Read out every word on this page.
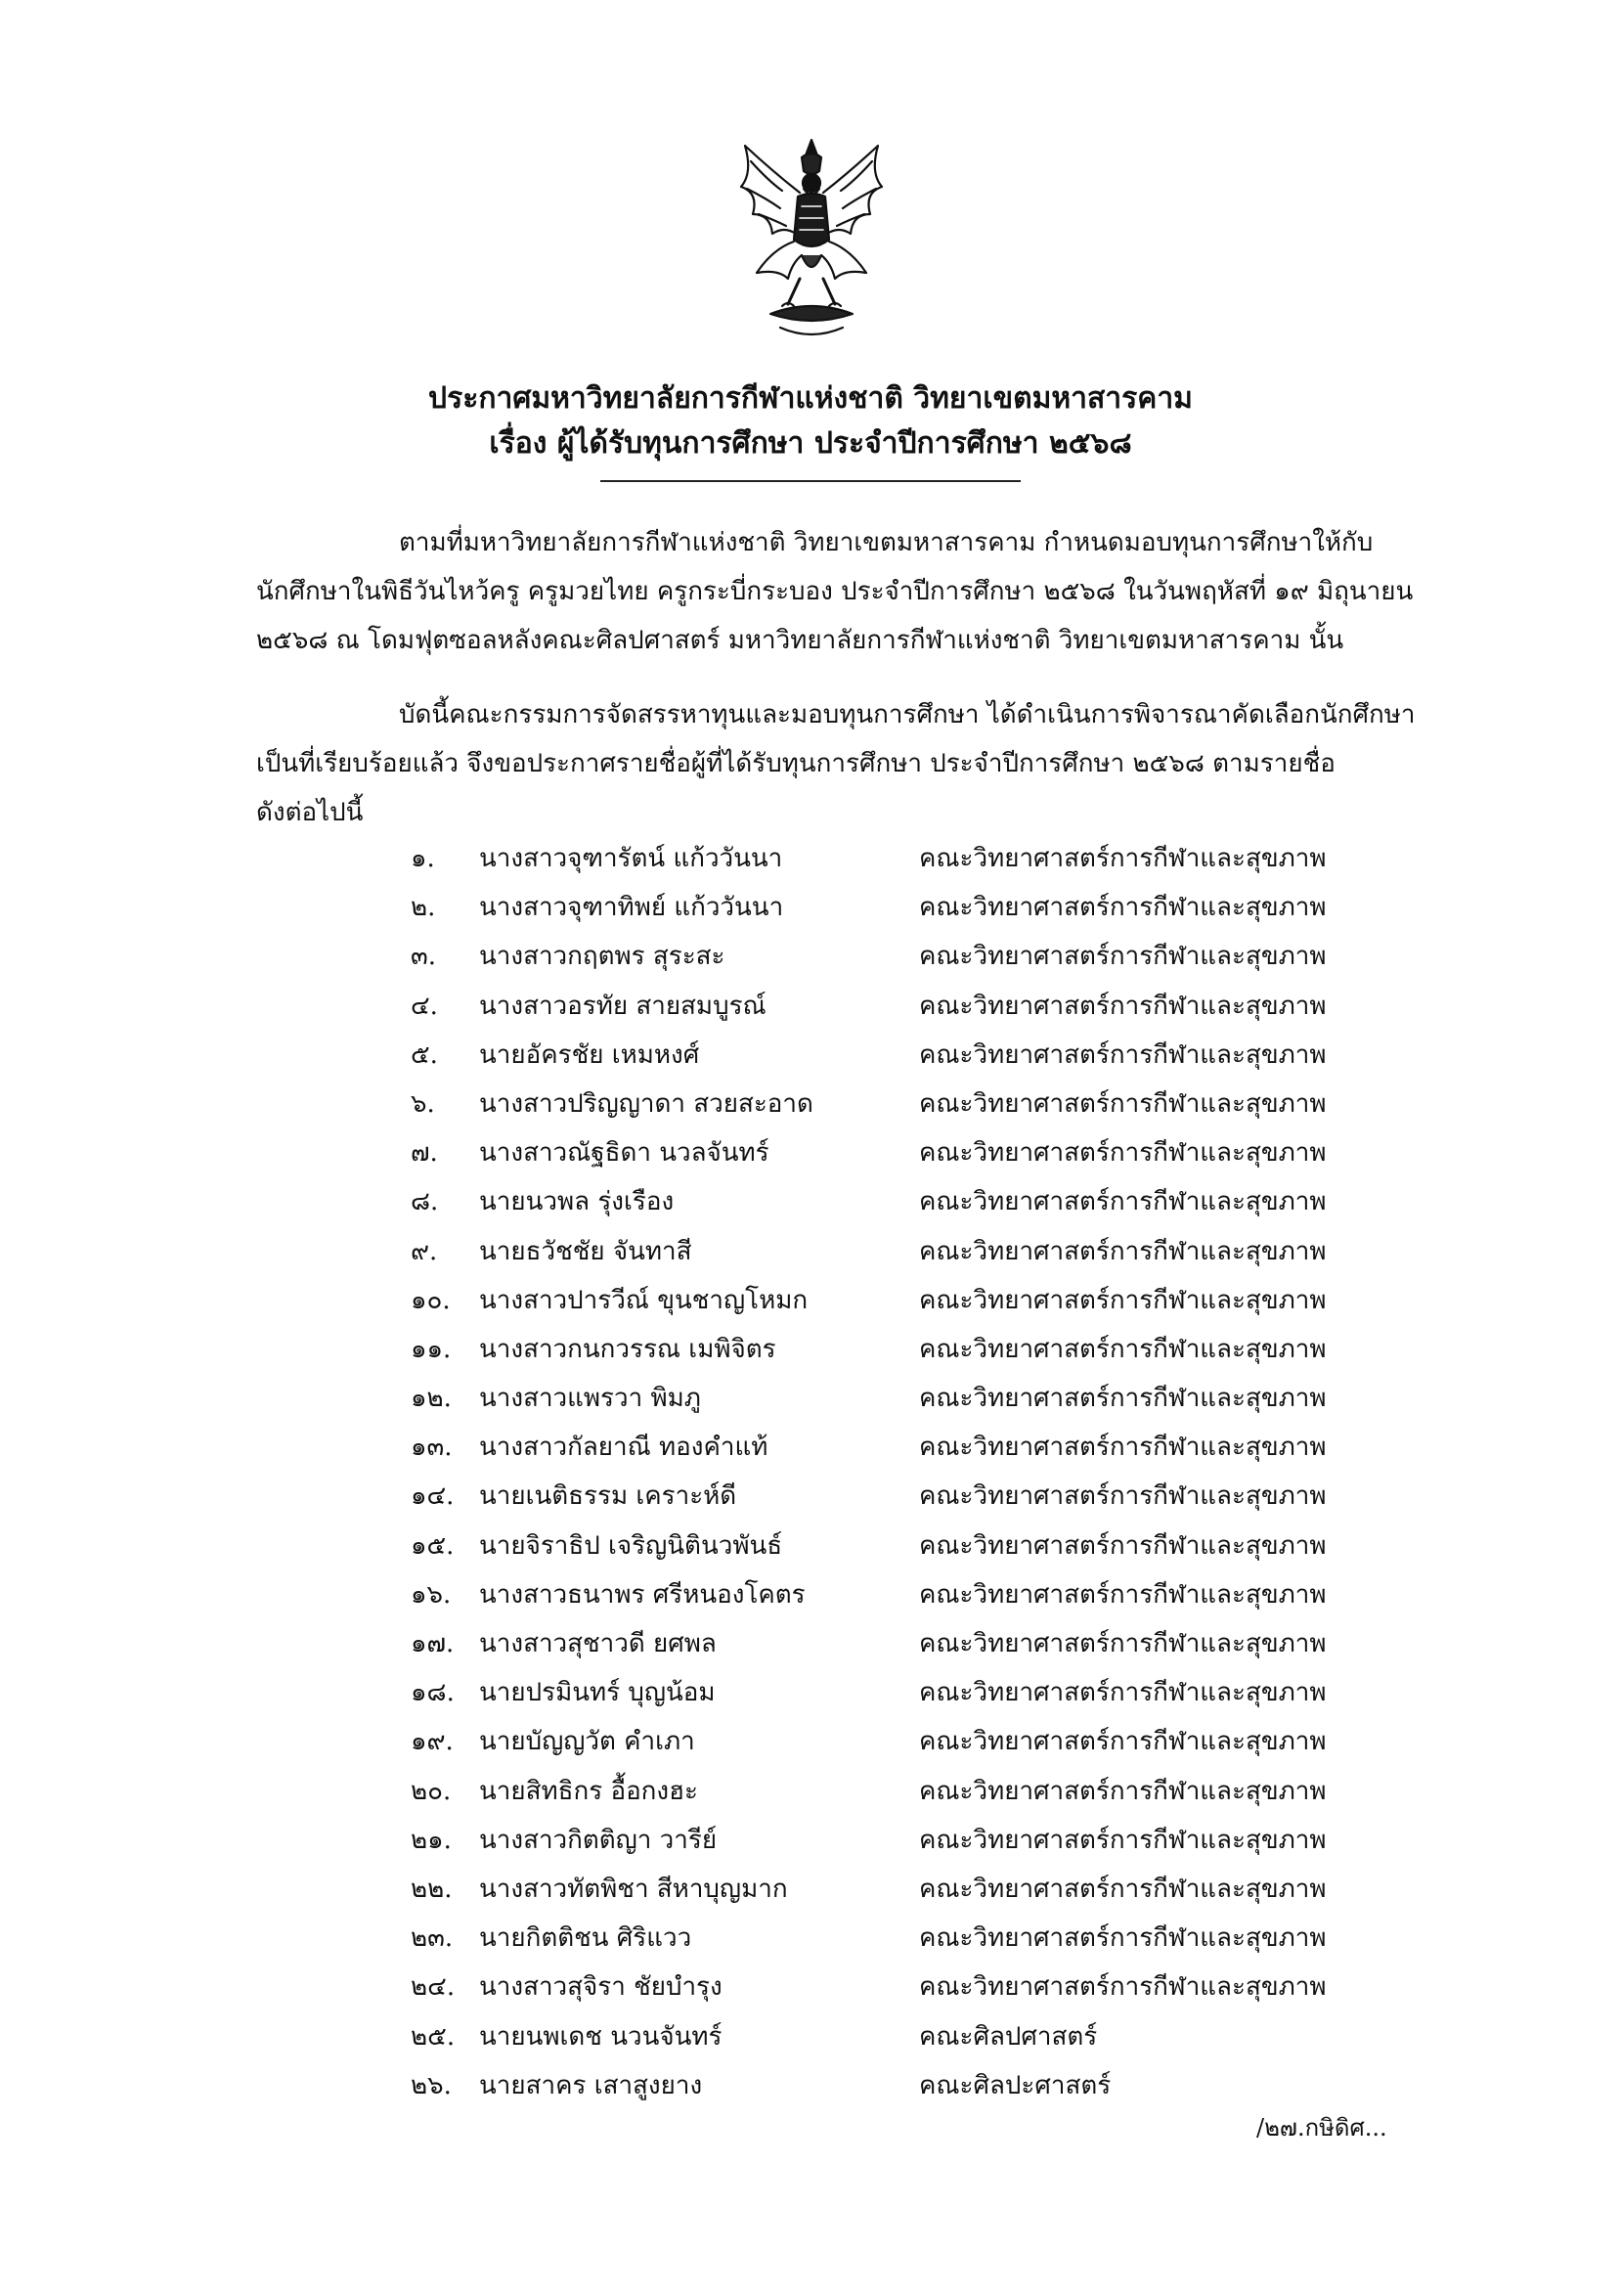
ประกาศมหาวิทยาลัยการกีฬาแห่งชาติ วิทยาเขตมหาสารคาม
เรื่อง ผู้ได้รับทุนการศึกษา ประจำปีการศึกษา ๒๕๖๘
ตามที่มหาวิทยาลัยการกีฬาแห่งชาติ วิทยาเขตมหาสารคาม กำหนดมอบทุนการศึกษาให้กับ
นักศึกษาในพิธีวันไหว้ครู ครูมวยไทย ครูกระบี่กระบอง ประจำปีการศึกษา ๒๕๖๘ ในวันพฤหัสที่ ๑๙ มิถุนายน
๒๕๖๘ ณ โดมฟุตซอลหลังคณะศิลปศาสตร์ มหาวิทยาลัยการกีฬาแห่งชาติ วิทยาเขตมหาสารคาม นั้น
บัดนี้คณะกรรมการจัดสรรหาทุนและมอบทุนการศึกษา ได้ดำเนินการพิจารณาคัดเลือกนักศึกษา
เป็นที่เรียบร้อยแล้ว จึงขอประกาศรายชื่อผู้ที่ได้รับทุนการศึกษา ประจำปีการศึกษา ๒๕๖๘ ตามรายชื่อ
ดังต่อไปนี้
๑.	นางสาวจุฑารัตน์ แก้ววันนา	คณะวิทยาศาสตร์การกีฬาและสุขภาพ
๒.	นางสาวจุฑาทิพย์ แก้ววันนา	คณะวิทยาศาสตร์การกีฬาและสุขภาพ
๓.	นางสาวกฤตพร สุระสะ	คณะวิทยาศาสตร์การกีฬาและสุขภาพ
๔.	นางสาวอรทัย สายสมบูรณ์	คณะวิทยาศาสตร์การกีฬาและสุขภาพ
๕.	นายอัครชัย เหมหงศ์	คณะวิทยาศาสตร์การกีฬาและสุขภาพ
๖.	นางสาวปริญญาดา สวยสะอาด	คณะวิทยาศาสตร์การกีฬาและสุขภาพ
๗.	นางสาวณัฐธิดา นวลจันทร์	คณะวิทยาศาสตร์การกีฬาและสุขภาพ
๘.	นายนวพล รุ่งเรือง	คณะวิทยาศาสตร์การกีฬาและสุขภาพ
๙.	นายธวัชชัย จันทาสี	คณะวิทยาศาสตร์การกีฬาและสุขภาพ
๑๐.	นางสาวปารวีณ์ ขุนชาญโหมก	คณะวิทยาศาสตร์การกีฬาและสุขภาพ
๑๑.	นางสาวกนกวรรณ เมพิจิตร	คณะวิทยาศาสตร์การกีฬาและสุขภาพ
๑๒.	นางสาวแพรวา พิมภู	คณะวิทยาศาสตร์การกีฬาและสุขภาพ
๑๓.	นางสาวกัลยาณี ทองคำแท้	คณะวิทยาศาสตร์การกีฬาและสุขภาพ
๑๔. นายเนติธรรม เคราะห์ดี	คณะวิทยาศาสตร์การกีฬาและสุขภาพ
๑๕. นายจิราธิป เจริญนิตินวพันธ์	คณะวิทยาศาสตร์การกีฬาและสุขภาพ
๑๖.	นางสาวธนาพร ศรีหนองโคตร	คณะวิทยาศาสตร์การกีฬาและสุขภาพ
๑๗. นางสาวสุชาวดี ยศพล	คณะวิทยาศาสตร์การกีฬาและสุขภาพ
๑๘. นายปรมินทร์ บุญน้อม	คณะวิทยาศาสตร์การกีฬาและสุขภาพ
๑๙.	นายบัญญวัต คำเภา	คณะวิทยาศาสตร์การกีฬาและสุขภาพ
๒๐.	นายสิทธิกร อื้อกงฮะ	คณะวิทยาศาสตร์การกีฬาและสุขภาพ
๒๑.	นางสาวกิตติญา วารีย์	คณะวิทยาศาสตร์การกีฬาและสุขภาพ
๒๒.	นางสาวทัตพิชา สีหาบุญมาก	คณะวิทยาศาสตร์การกีฬาและสุขภาพ
๒๓.	นายกิตติชน ศิริแวว	คณะวิทยาศาสตร์การกีฬาและสุขภาพ
๒๔. นางสาวสุจิรา ชัยบำรุง	คณะวิทยาศาสตร์การกีฬาและสุขภาพ
๒๕. นายนพเดช นวนจันทร์	คณะศิลปศาสตร์
๒๖.	นายสาคร เสาสูงยาง	คณะศิลปะศาสตร์
/๒๗.กษิดิศ...
